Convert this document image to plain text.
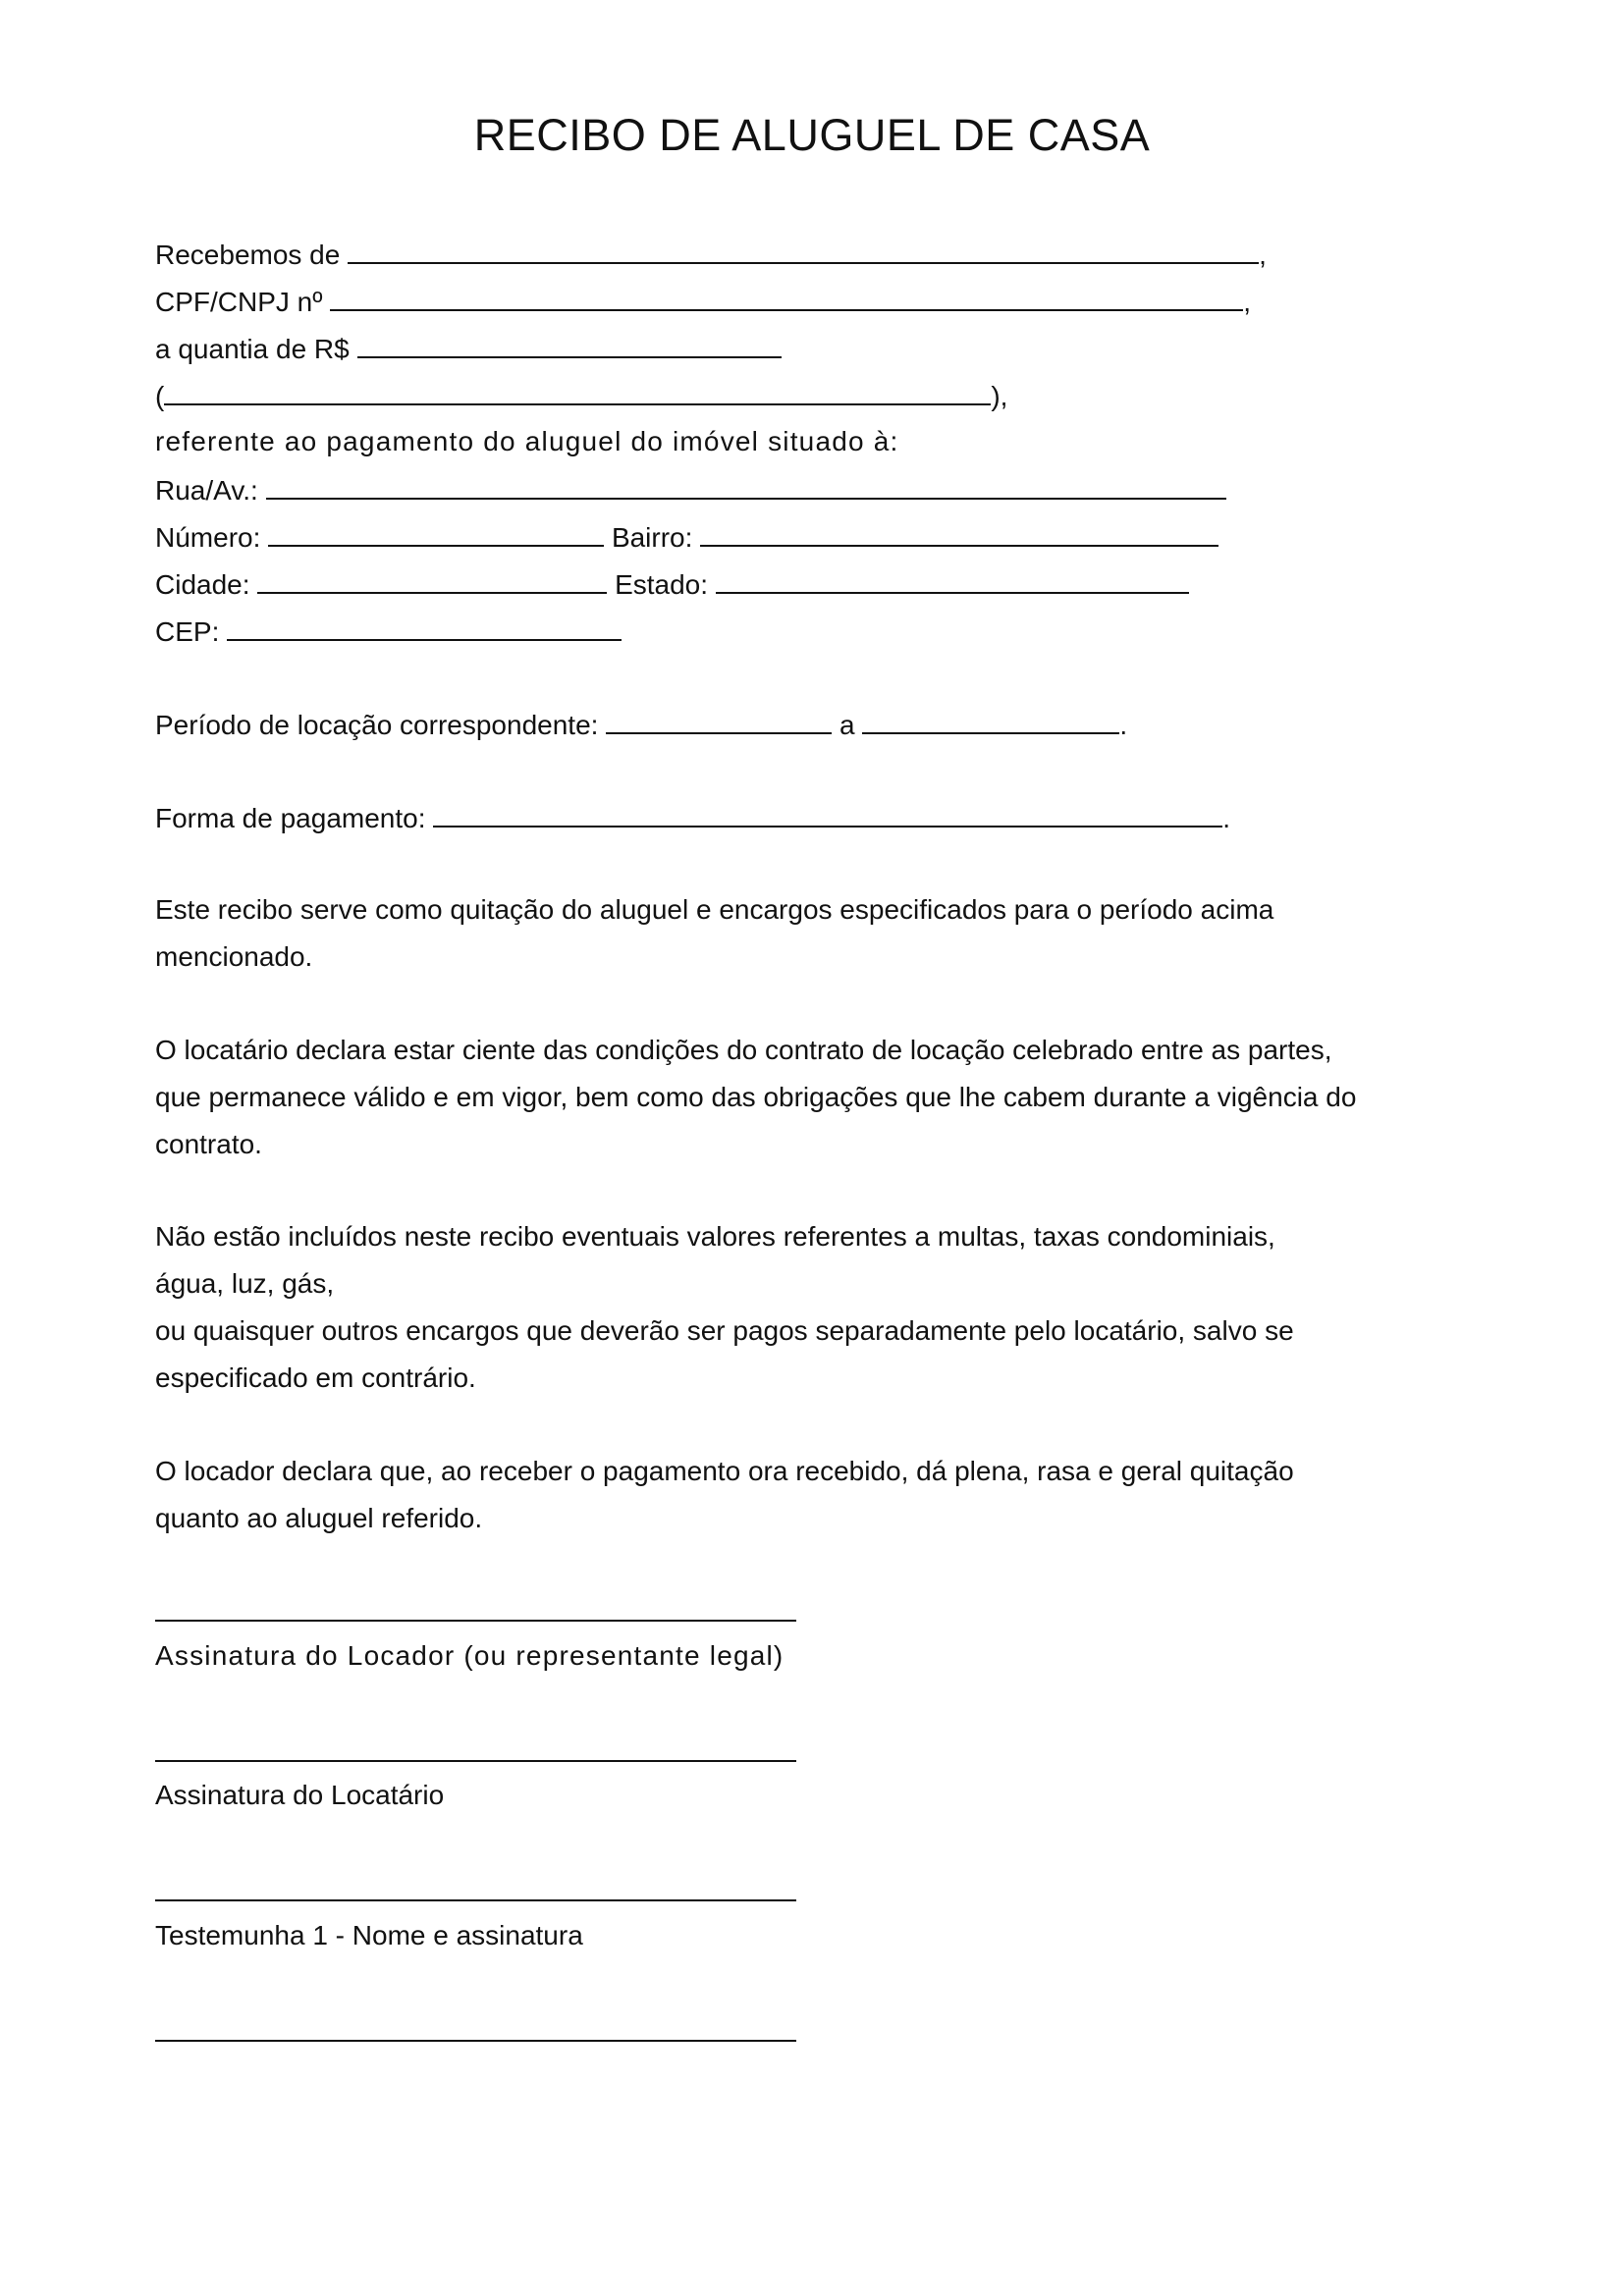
RECIBO DE ALUGUEL DE CASA
Recebemos de	,
CPF/CNPJ nº	,
a quantia de R$
(	),
referente ao pagamento do aluguel do imóvel situado à:
Rua/Av.:
Número:	Bairro:
Cidade:	Estado:
CEP:
Período de locação correspondente:	a	.
Forma de pagamento:	.
Este recibo serve como quitação do aluguel e encargos especificados para o período acima
mencionado.
O locatário declara estar ciente das condições do contrato de locação celebrado entre as partes,
que permanece válido e em vigor, bem como das obrigações que lhe cabem durante a vigência do
contrato.
Não estão incluídos neste recibo eventuais valores referentes a multas, taxas condominiais,
água, luz, gás,
ou quaisquer outros encargos que deverão ser pagos separadamente pelo locatário, salvo se
especificado em contrário.
O locador declara que, ao receber o pagamento ora recebido, dá plena, rasa e geral quitação
quanto ao aluguel referido.
Assinatura do Locador (ou representante legal)
Assinatura do Locatário
Testemunha 1 - Nome e assinatura
